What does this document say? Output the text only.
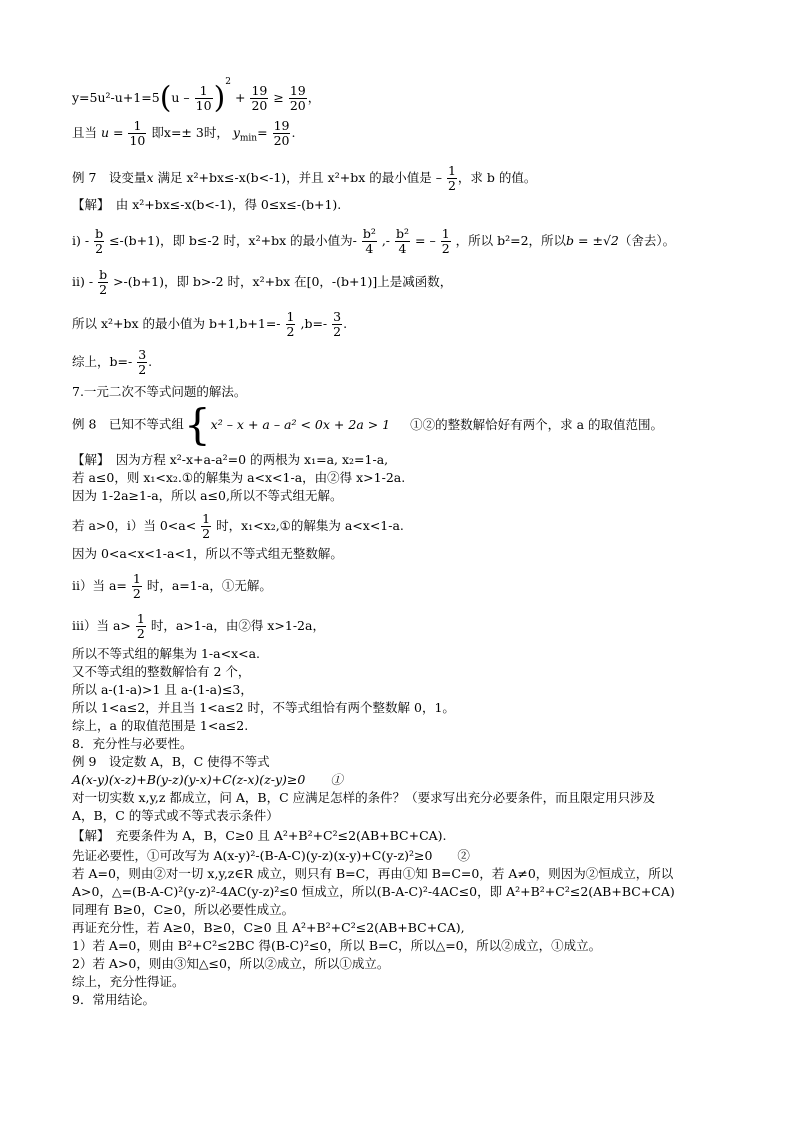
$y=5u^2-u+1=5(u - \frac{1}{10} )^2 + \frac{19}{20} \ge \frac{19}{20}$ ，
且当 $u = \frac{1}{10}$ 即x=± 3时， $y_{min}= \frac{19}{20}$ .
例 7　设变量x 满足 x²+bx≤-x(b<-1)，并且 x²+bx 的最小值是 – $\frac{1}{2}$ ，求 b 的值。
【解】　由 x²+bx≤-x(b<-1)，得 0≤x≤-(b+1).
ⅰ) - $\frac{b}{2} \le-(b+1)$，即 b≤-2 时，x²+bx 的最小值为- $\frac{\text{b²}}{4}$ ,- $\frac{\text{b²}}{4}$ = – $\frac{1}{2}$ ，所以 b²=2，所以b = ±√2（舍去）。
ⅱ) - $\frac{b}{2} >-(b+1)$，即 b>-2 时，x²+bx 在[0，-(b+1)]上是减函数，
所以 x²+bx 的最小值为 $b+1,b+1=- \frac{1}{2} ,b=- \frac{3}{2}$ .
综上，$b=- \frac{3}{2}$ .
7.一元二次不等式问题的解法。
例 8　已知不等式组{x² – x + a – a² < 0x + 2a > 1 ①②的整数解恰好有两个，求 a 的取值范围。
【解】　因为方程 x²-x+a-a²=0 的两根为 x₁=a, x₂=1-a,
若 a≤0，则 x₁<x₂.①的解集为 a<x<1-a，由②得 x>1-2a.
因为 1-2a≥1-a，所以 a≤0,所以不等式组无解。
若 a>0，ⅰ）当 $0<a< \frac{1}{2}$ 时，x₁<x₂,①的解集为 a<x<1-a.
因为 0<a<x<1-a<1，所以不等式组无整数解。
ⅱ）当 $a= \frac{1}{2}$ 时，a=1-a，①无解。
ⅲ）当 $a> \frac{1}{2}$ 时，a>1-a，由②得 x>1-2a，
所以不等式组的解集为 1-a<x<a.
又不等式组的整数解恰有 2 个，
所以 a-(1-a)>1 且 a-(1-a)≤3，
所以 1<a≤2，并且当 1<a≤2 时，不等式组恰有两个整数解 0，1。
综上，a 的取值范围是 1<a≤2.
8．充分性与必要性。
例 9　设定数 A，B，C 使得不等式
A(x-y)(x-z)+B(y-z)(y-x)+C(z-x)(z-y)≥0　　①
对一切实数 x,y,z 都成立，问 A，B，C 应满足怎样的条件？（要求写出充分必要条件，而且限定用只涉及
A，B，C 的等式或不等式表示条件）
【解】　充要条件为 A，B，C≥0 且 A²+B²+C²≤2(AB+BC+CA).
先证必要性，①可改写为 A(x-y)²-(B-A-C)(y-z)(x-y)+C(y-z)²≥0　　②
若 A=0，则由②对一切 x,y,z∈R 成立，则只有 B=C，再由①知 B=C=0，若 A≠0，则因为②恒成立，所以
A>0，△=(B-A-C)²(y-z)²-4AC(y-z)²≤0 恒成立，所以(B-A-C)²-4AC≤0，即 A²+B²+C²≤2(AB+BC+CA)
同理有 B≥0，C≥0，所以必要性成立。
再证充分性，若 A≥0，B≥0，C≥0 且 A²+B²+C²≤2(AB+BC+CA),
1）若 A=0，则由 B²+C²≤2BC 得(B-C)²≤0，所以 B=C，所以△=0，所以②成立，①成立。
2）若 A>0，则由③知△≤0，所以②成立，所以①成立。
综上，充分性得证。
9．常用结论。
